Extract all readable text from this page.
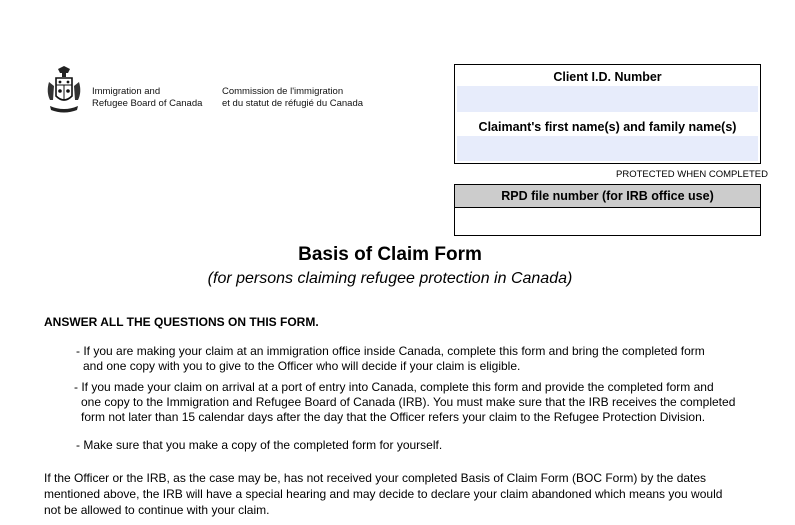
Immigration and
Refugee Board of Canada
Commission de l'immigration
et du statut de réfugié du Canada
Client I.D. Number
Claimant's first name(s) and family name(s)
PROTECTED WHEN COMPLETED
RPD file number (for IRB office use)
Basis of Claim Form
(for persons claiming refugee protection in Canada)
ANSWER ALL THE QUESTIONS ON THIS FORM.
- If you are making your claim at an immigration office inside Canada, complete this form and bring the completed form
and one copy with you to give to the Officer who will decide if your claim is eligible.
- If you made your claim on arrival at a port of entry into Canada, complete this form and provide the completed form and
one copy to the Immigration and Refugee Board of Canada (IRB). You must make sure that the IRB receives the completed
form not later than 15 calendar days after the day that the Officer refers your claim to the Refugee Protection Division.
- Make sure that you make a copy of the completed form for yourself.
If the Officer or the IRB, as the case may be, has not received your completed Basis of Claim Form (BOC Form) by the dates
mentioned above, the IRB will have a special hearing and may decide to declare your claim abandoned which means you would
not be allowed to continue with your claim.
